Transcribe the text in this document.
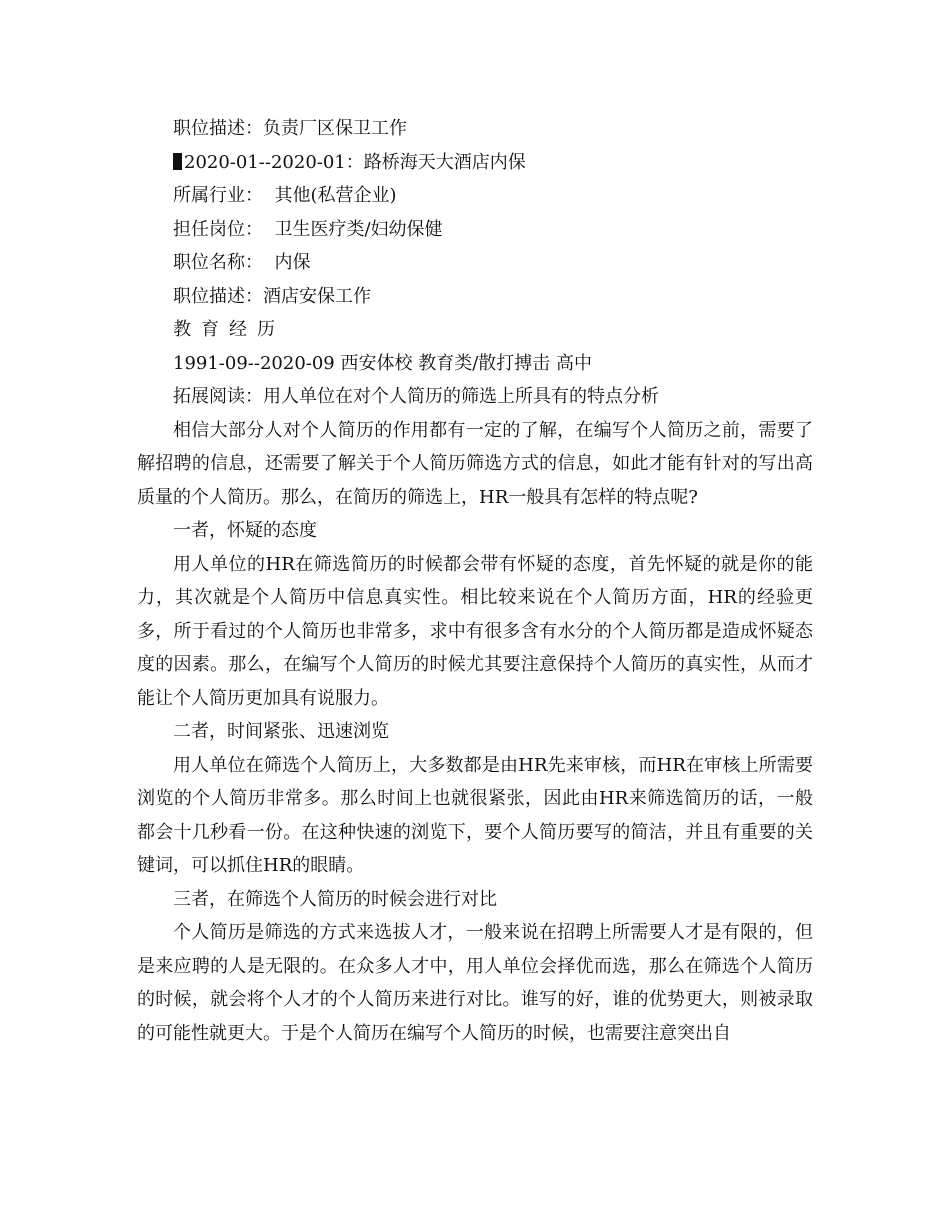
职位描述：负责厂区保卫工作
2020-01--2020-01：路桥海天大酒店内保
所属行业：  其他(私营企业)
担任岗位：  卫生医疗类/妇幼保健
职位名称：  内保
职位描述：酒店安保工作
教育经历
1991-09--2020-09 西安体校 教育类/散打搏击 高中
拓展阅读：用人单位在对个人简历的筛选上所具有的特点分析

相信大部分人对个人简历的作用都有一定的了解，在编写个人简历之前，需要了解招聘的信息，还需要了解关于个人简历筛选方式的信息，如此才能有针对的写出高质量的个人简历。那么，在简历的筛选上，HR一般具有怎样的特点呢?

一者，怀疑的态度

用人单位的HR在筛选简历的时候都会带有怀疑的态度，首先怀疑的就是你的能力，其次就是个人简历中信息真实性。相比较来说在个人简历方面，HR的经验更多，所于看过的个人简历也非常多，求中有很多含有水分的个人简历都是造成怀疑态度的因素。那么，在编写个人简历的时候尤其要注意保持个人简历的真实性，从而才能让个人简历更加具有说服力。

二者，时间紧张、迅速浏览

用人单位在筛选个人简历上，大多数都是由HR先来审核，而HR在审核上所需要浏览的个人简历非常多。那么时间上也就很紧张，因此由HR来筛选简历的话，一般都会十几秒看一份。在这种快速的浏览下，要个人简历要写的简洁，并且有重要的关键词，可以抓住HR的眼睛。

三者，在筛选个人简历的时候会进行对比

个人简历是筛选的方式来选拔人才，一般来说在招聘上所需要人才是有限的，但是来应聘的人是无限的。在众多人才中，用人单位会择优而选，那么在筛选个人简历的时候，就会将个人才的个人简历来进行对比。谁写的好，谁的优势更大，则被录取的可能性就更大。于是个人简历在编写个人简历的时候，也需要注意突出自
